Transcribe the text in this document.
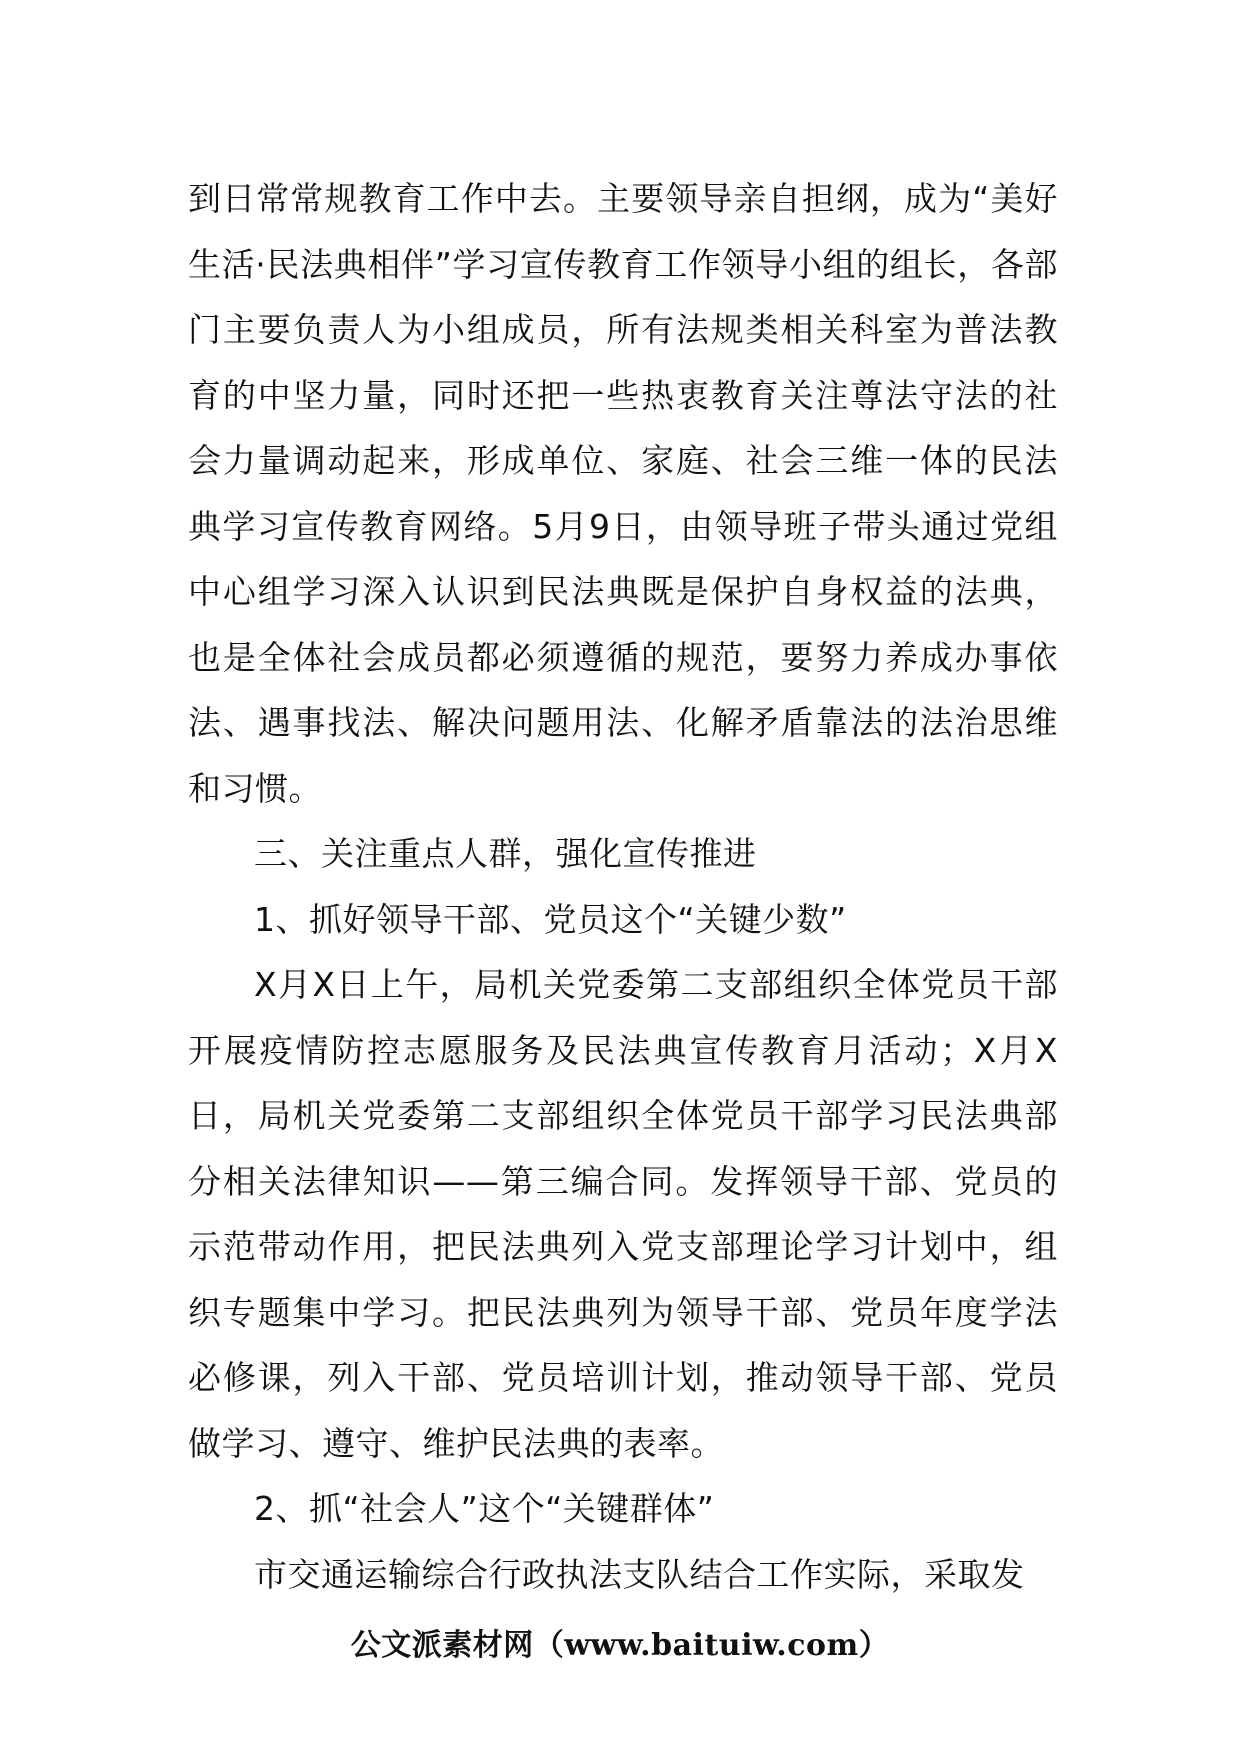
到日常常规教育工作中去。主要领导亲自担纲，成为“美好生活·民法典相伴”学习宣传教育工作领导小组的组长，各部门主要负责人为小组成员，所有法规类相关科室为普法教育的中坚力量，同时还把一些热衷教育关注尊法守法的社会力量调动起来，形成单位、家庭、社会三维一体的民法典学习宣传教育网络。5月9日，由领导班子带头通过党组中心组学习深入认识到民法典既是保护自身权益的法典，也是全体社会成员都必须遵循的规范，要努力养成办事依法、遇事找法、解决问题用法、化解矛盾靠法的法治思维和习惯。

三、关注重点人群，强化宣传推进

1、抓好领导干部、党员这个“关键少数”

X月X日上午，局机关党委第二支部组织全体党员干部开展疫情防控志愿服务及民法典宣传教育月活动；X月X日，局机关党委第二支部组织全体党员干部学习民法典部分相关法律知识——第三编合同。发挥领导干部、党员的示范带动作用，把民法典列入党支部理论学习计划中，组织专题集中学习。把民法典列为领导干部、党员年度学法必修课，列入干部、党员培训计划，推动领导干部、党员做学习、遵守、维护民法典的表率。

2、抓“社会人”这个“关键群体”

市交通运输综合行政执法支队结合工作实际，采取发

公文派素材网（www.baituiw.com）
